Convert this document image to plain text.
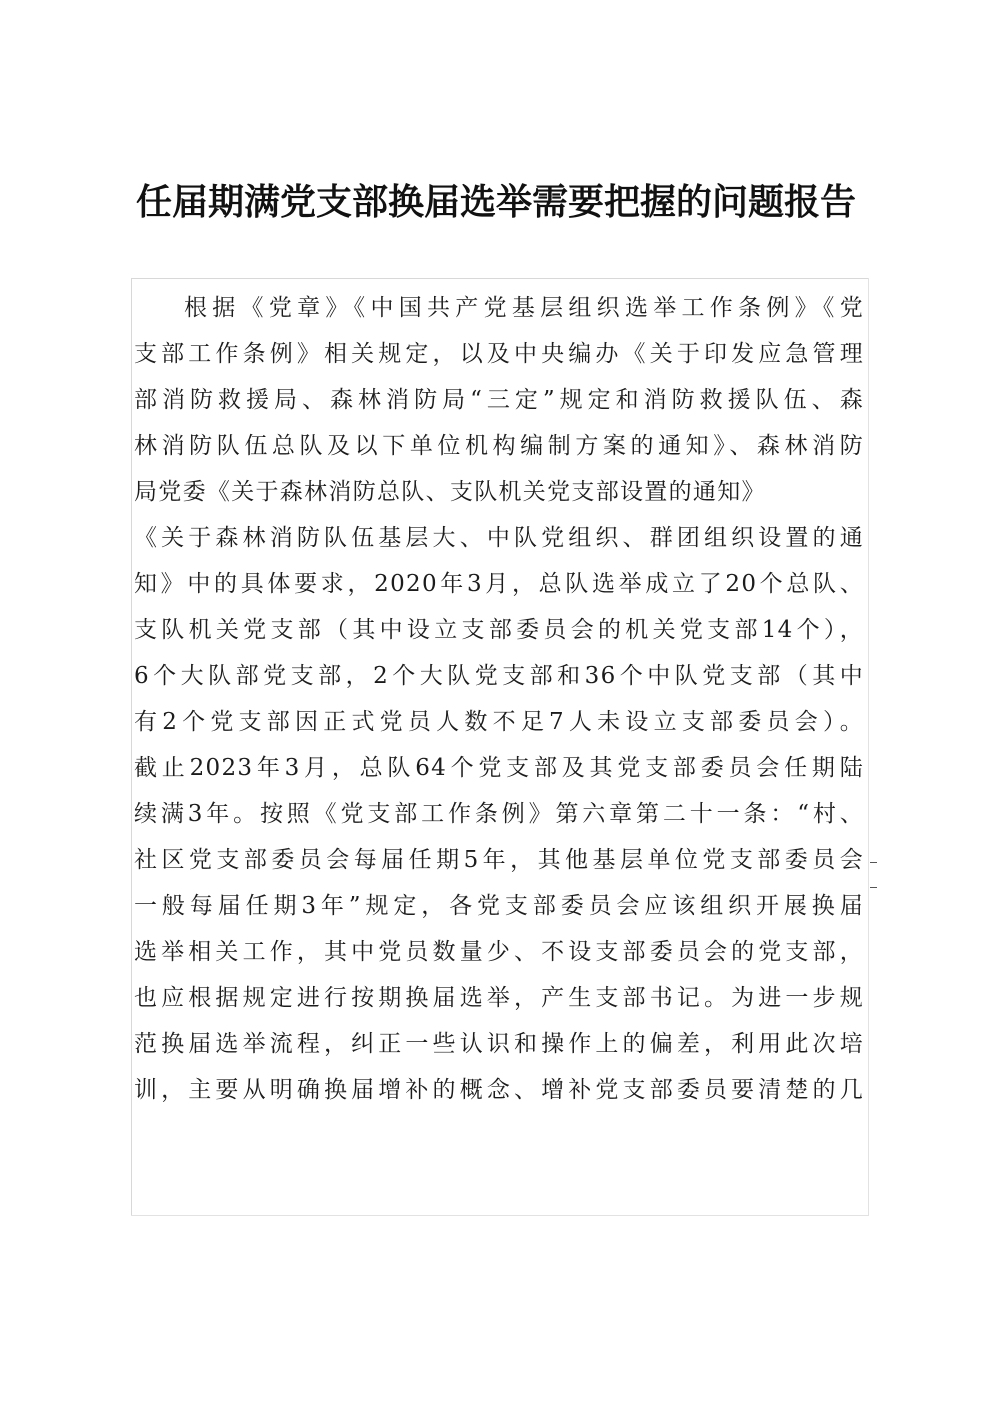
任届期满党支部换届选举需要把握的问题报告
根据《党章》《中国共产党基层组织选举工作条例》《党
支部工作条例》相关规定，以及中央编办《关于印发应急管理
部消防救援局、森林消防局“三定”规定和消防救援队伍、森
林消防队伍总队及以下单位机构编制方案的通知》、森林消防
局党委《关于森林消防总队、支队机关党支部设置的通知》
《关于森林消防队伍基层大、中队党组织、群团组织设置的通
知》中的具体要求，2020年3月，总队选举成立了20个总队、
支队机关党支部（其中设立支部委员会的机关党支部14个），
6个大队部党支部，2个大队党支部和36个中队党支部（其中
有2个党支部因正式党员人数不足7人未设立支部委员会）。
截止2023年3月，总队64个党支部及其党支部委员会任期陆
续满3年。按照《党支部工作条例》第六章第二十一条：“村、
社区党支部委员会每届任期5年，其他基层单位党支部委员会
一般每届任期3年”规定，各党支部委员会应该组织开展换届
选举相关工作，其中党员数量少、不设支部委员会的党支部，
也应根据规定进行按期换届选举，产生支部书记。为进一步规
范换届选举流程，纠正一些认识和操作上的偏差，利用此次培
训，主要从明确换届增补的概念、增补党支部委员要清楚的几
